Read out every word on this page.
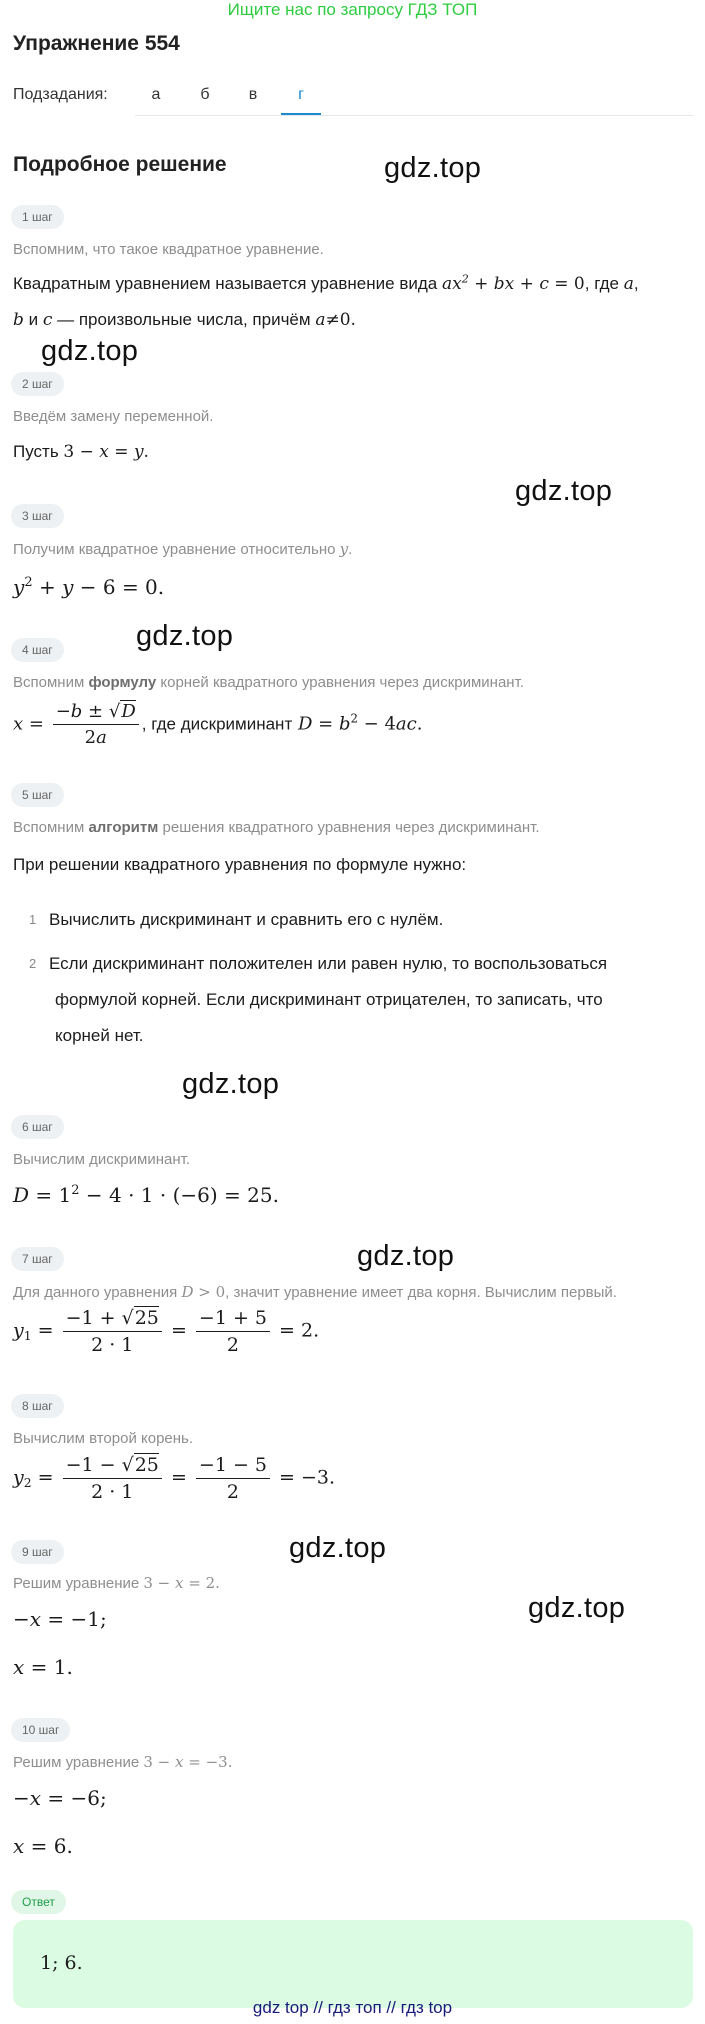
Ищите нас по запросу ГДЗ ТОП
Упражнение 554
Подзадания:	а	б	в	г
Подробное решение	gdz.top
gdz.top
gdz.top
gdz.top
gdz.top
gdz.top
gdz.top
gdz.top
1 шаг
Вспомним, что такое квадратное уравнение.
Квадратным уравнением называется уравнение вида $ax^2$ + bx + c = 0, где a,
b и c — произвольные числа, причём a≠0.
2 шаг
Введём замену переменной.
Пусть 3 − x = y.
3 шаг
Получим квадратное уравнение относительно y.
$y^2 + y - 6 = 0$.
4 шаг
Вспомним формулу корней квадратного уравнения через дискриминант.
$x = \frac{-b \pm √D}{2a}$ , где дискриминант $D = b^2 - 4ac$.
5 шаг
Вспомним алгоритм решения квадратного уравнения через дискриминант.
При решении квадратного уравнения по формуле нужно:
1 Вычислить дискриминант и сравнить его с нулём.
2 Если дискриминант положителен или равен нулю, то воспользоваться
формулой корней. Если дискриминант отрицателен, то записать, что
корней нет.
6 шаг
Вычислим дискриминант.
$D = 1^2 - 4 \cdot 1 \cdot (-6) = 25$.
7 шаг
Для данного уравнения D > 0, значит уравнение имеет два корня. Вычислим первый.
$y_1 = \frac{-1 + √25}{2 \cdot 1} = \frac{-1 + 5}{2} = 2$.
8 шаг
Вычислим второй корень.
$y_2 = \frac{-1 - √25}{2 \cdot 1} = \frac{-1 - 5}{2} = -3$.
9 шаг
Решим уравнение 3 − x = 2.
−x = −1;
x = 1.
10 шаг
Решим уравнение 3 − x = −3.
−x = −6;
x = 6.
Ответ
1; 6.
gdz top // гдз топ // гдз top
